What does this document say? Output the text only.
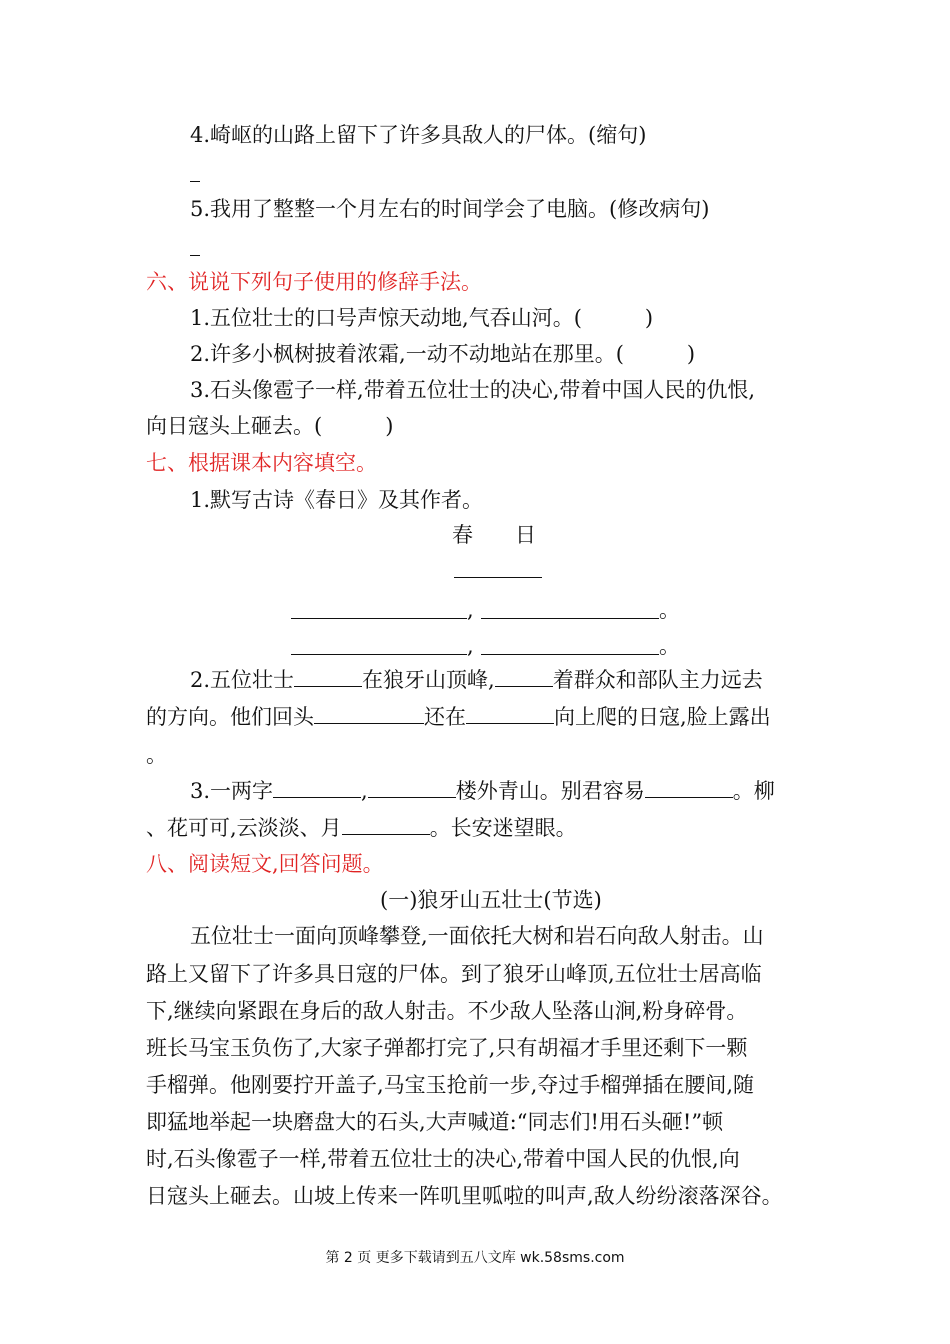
4.崎岖的山路上留下了许多具敌人的尸体。(缩句)
5.我用了整整一个月左右的时间学会了电脑。(修改病句)
六、说说下列句子使用的修辞手法。
1.五位壮士的口号声惊天动地,气吞山河。(　　　)
2.许多小枫树披着浓霜,一动不动地站在那里。(　　　)
3.石头像雹子一样,带着五位壮士的决心,带着中国人民的仇恨,
向日寇头上砸去。(　　　)
七、根据课本内容填空。
1.默写古诗《春日》及其作者。
春　　日
,	。
,	。
2.五位壮士	在狼牙山顶峰,	着群众和部队主力远去
的方向。他们回头	还在	向上爬的日寇,脸上露出
。
3.一两字	,	楼外青山。别君容易	。柳
、花可可,云淡淡、月	。长安迷望眼。
八、阅读短文,回答问题。
(一)狼牙山五壮士(节选)
五位壮士一面向顶峰攀登,一面依托大树和岩石向敌人射击。山
路上又留下了许多具日寇的尸体。到了狼牙山峰顶,五位壮士居高临
下,继续向紧跟在身后的敌人射击。不少敌人坠落山涧,粉身碎骨。
班长马宝玉负伤了,大家子弹都打完了,只有胡福才手里还剩下一颗
手榴弹。他刚要拧开盖子,马宝玉抢前一步,夺过手榴弹插在腰间,随
即猛地举起一块磨盘大的石头,大声喊道:“同志们!用石头砸!”顿
时,石头像雹子一样,带着五位壮士的决心,带着中国人民的仇恨,向
日寇头上砸去。山坡上传来一阵叽里呱啦的叫声,敌人纷纷滚落深谷。
第 2 页 更多下载请到五八文库 wk.58sms.com
